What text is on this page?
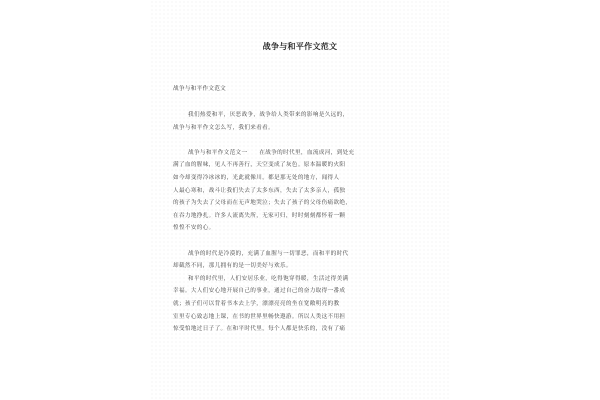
战争与和平作文范文
战争与和平作文范文
我们热爱和平，厌恶战争，战争给人类带来的影响是久远的，
战争与和平作文怎么写，我们来看看。
战争与和平作文范文一　　在战争的时代里，血流成河，到处充
满了血的腥味，见人不再善行，天空变成了灰色。原本温暖的火阳
如今却变得冷冰冰的，光此就像川，都是那无处的地方，闻得人
人最心寒和，战斗让我们失去了太多东西，失去了太多亲人，孤独
的孩子为失去了父母而在无声地哭泣；失去了孩子的父母伤痛欲绝，
在吞力地挣扎。许多人流离失所，无家可归，时时刻刻都怀着一颗
惶惶不安的心。
战争的时代是冷漠的，充满了血腥与一切罪恶，而和平的时代
却截然不同，那儿拥有的是一切美好与欢乐。
和平的时代里，人们安居乐业，吃得饱穿得暖，生活过得美满
幸福。大人们安心地开展自己的事业，通过自己的奋力取得一番成
就；孩子们可以背着书本去上学，漂漂亮亮的坐在宽敞明亮的教
室里专心致志地上课，在书的世界里畅快遨游。所以人类这不用担
惊受怕地过日子了。在和平时代里，每个人都是快乐的，没有了痛
